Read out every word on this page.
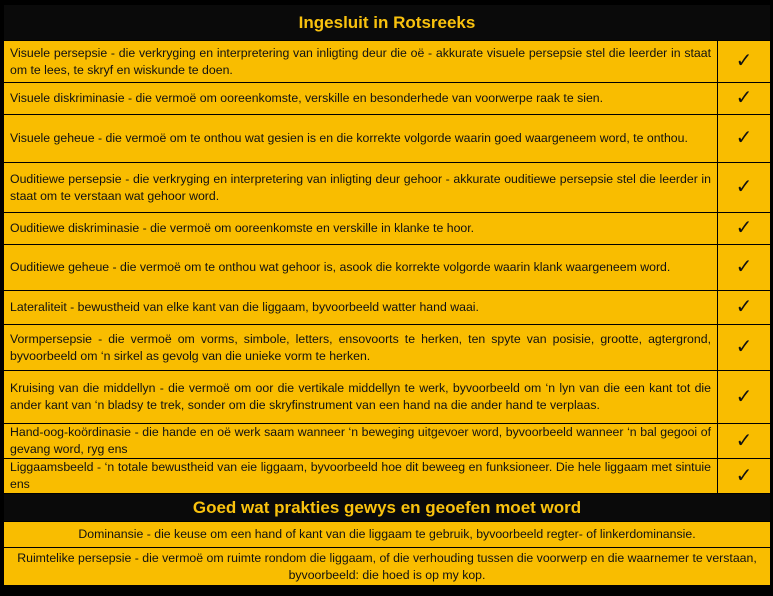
Ingesluit in Rotsreeks	
Visuele persepsie - die verkryging en interpretering van inligting deur die oë - akkurate visuele persepsie stel die leerder in staat om te lees, te skryf en wiskunde te doen.	✓
Visuele diskriminasie - die vermoë om ooreenkomste, verskille en besonderhede van voorwerpe raak te sien.	✓
Visuele geheue - die vermoë om te onthou wat gesien is en die korrekte volgorde waarin goed waargeneem word, te onthou.	✓
Ouditiewe persepsie - die verkryging en interpretering van inligting deur gehoor - akkurate ouditiewe persepsie stel die leerder in staat om te verstaan wat gehoor word.	✓
Ouditiewe diskriminasie - die vermoë om ooreenkomste en verskille in klanke te hoor.	✓
Ouditiewe geheue - die vermoë om te onthou wat gehoor is, asook die korrekte volgorde waarin klank waargeneem word.	✓
Lateraliteit - bewustheid van elke kant van die liggaam, byvoorbeeld watter hand waai.	✓
Vormpersepsie - die vermoë om vorms, simbole, letters, ensovoorts te herken, ten spyte van posisie, grootte, agtergrond, byvoorbeeld om ‘n sirkel as gevolg van die unieke vorm te herken.	✓
Kruising van die middellyn - die vermoë om oor die vertikale middellyn te werk, byvoorbeeld om ‘n lyn van die een kant tot die ander kant van ‘n bladsy te trek, sonder om die skryfinstrument van een hand na die ander hand te verplaas.	✓
Hand-oog-koördinasie - die hande en oë werk saam wanneer ‘n beweging uitgevoer word, byvoorbeeld wanneer ‘n bal gegooi of gevang word, ryg ens	✓
Liggaamsbeeld - ‘n totale bewustheid van eie liggaam, byvoorbeeld hoe dit beweeg en funksioneer. Die hele liggaam met sintuie ens	✓
Goed wat prakties gewys en geoefen moet word	
Dominansie - die keuse om een hand of kant van die liggaam te gebruik, byvoorbeeld regter- of linkerdominansie.	
Ruimtelike persepsie - die vermoë om ruimte rondom die liggaam, of die verhouding tussen die voorwerp en die waarnemer te verstaan, byvoorbeeld: die hoed is op my kop.	
